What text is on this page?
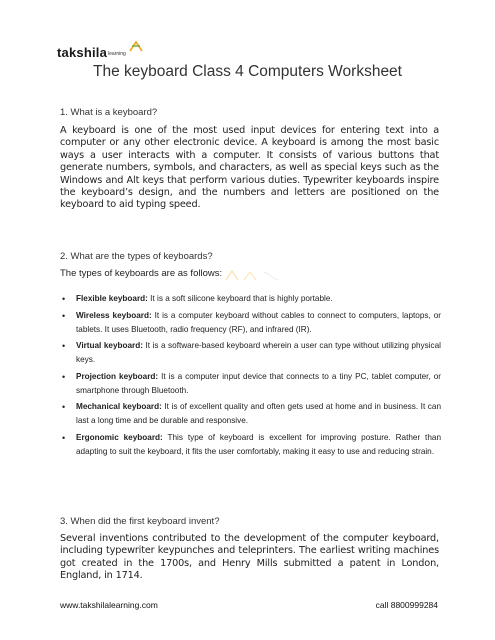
takshila learning
The keyboard Class 4 Computers Worksheet
1. What is a keyboard?
A keyboard is one of the most used input devices for entering text into a computer or any other electronic device. A keyboard is among the most basic ways a user interacts with a computer. It consists of various buttons that generate numbers, symbols, and characters, as well as special keys such as the Windows and Alt keys that perform various duties. Typewriter keyboards inspire the keyboard’s design, and the numbers and letters are positioned on the keyboard to aid typing speed.
2. What are the types of keyboards?
The types of keyboards are as follows:
• Flexible keyboard: It is a soft silicone keyboard that is highly portable.
• Wireless keyboard: It is a computer keyboard without cables to connect to computers, laptops, or tablets. It uses Bluetooth, radio frequency (RF), and infrared (IR).
• Virtual keyboard: It is a software-based keyboard wherein a user can type without utilizing physical keys.
• Projection keyboard: It is a computer input device that connects to a tiny PC, tablet computer, or smartphone through Bluetooth.
• Mechanical keyboard: It is of excellent quality and often gets used at home and in business. It can last a long time and be durable and responsive.
• Ergonomic keyboard: This type of keyboard is excellent for improving posture. Rather than adapting to suit the keyboard, it fits the user comfortably, making it easy to use and reducing strain.
3. When did the first keyboard invent?
Several inventions contributed to the development of the computer keyboard, including typewriter keypunches and teleprinters. The earliest writing machines got created in the 1700s, and Henry Mills submitted a patent in London, England, in 1714.
www.takshilalearning.com	call 8800999284
